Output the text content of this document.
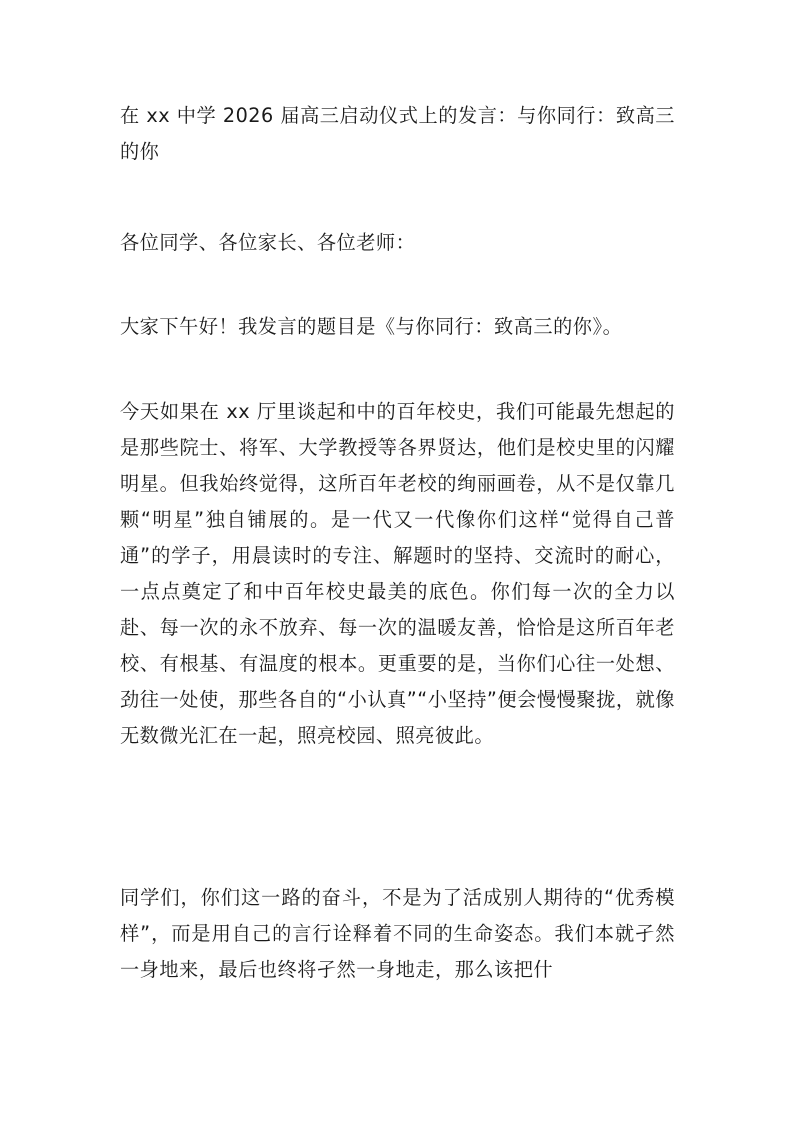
在 xx 中学 2026 届高三启动仪式上的发言：与你同行：致高三的你

各位同学、各位家长、各位老师：

大家下午好！我发言的题目是《与你同行：致高三的你》。

今天如果在 xx 厅里谈起和中的百年校史，我们可能最先想起的是那些院士、将军、大学教授等各界贤达，他们是校史里的闪耀明星。但我始终觉得，这所百年老校的绚丽画卷，从不是仅靠几颗“明星”独自铺展的。是一代又一代像你们这样“觉得自己普通”的学子，用晨读时的专注、解题时的坚持、交流时的耐心，一点点奠定了和中百年校史最美的底色。你们每一次的全力以赴、每一次的永不放弃、每一次的温暖友善，恰恰是这所百年老校、有根基、有温度的根本。更重要的是，当你们心往一处想、劲往一处使，那些各自的“小认真”“小坚持”便会慢慢聚拢，就像无数微光汇在一起，照亮校园、照亮彼此。

同学们，你们这一路的奋斗，不是为了活成别人期待的“优秀模样”，而是用自己的言行诠释着不同的生命姿态。我们本就孑然一身地来，最后也终将孑然一身地走，那么该把什
